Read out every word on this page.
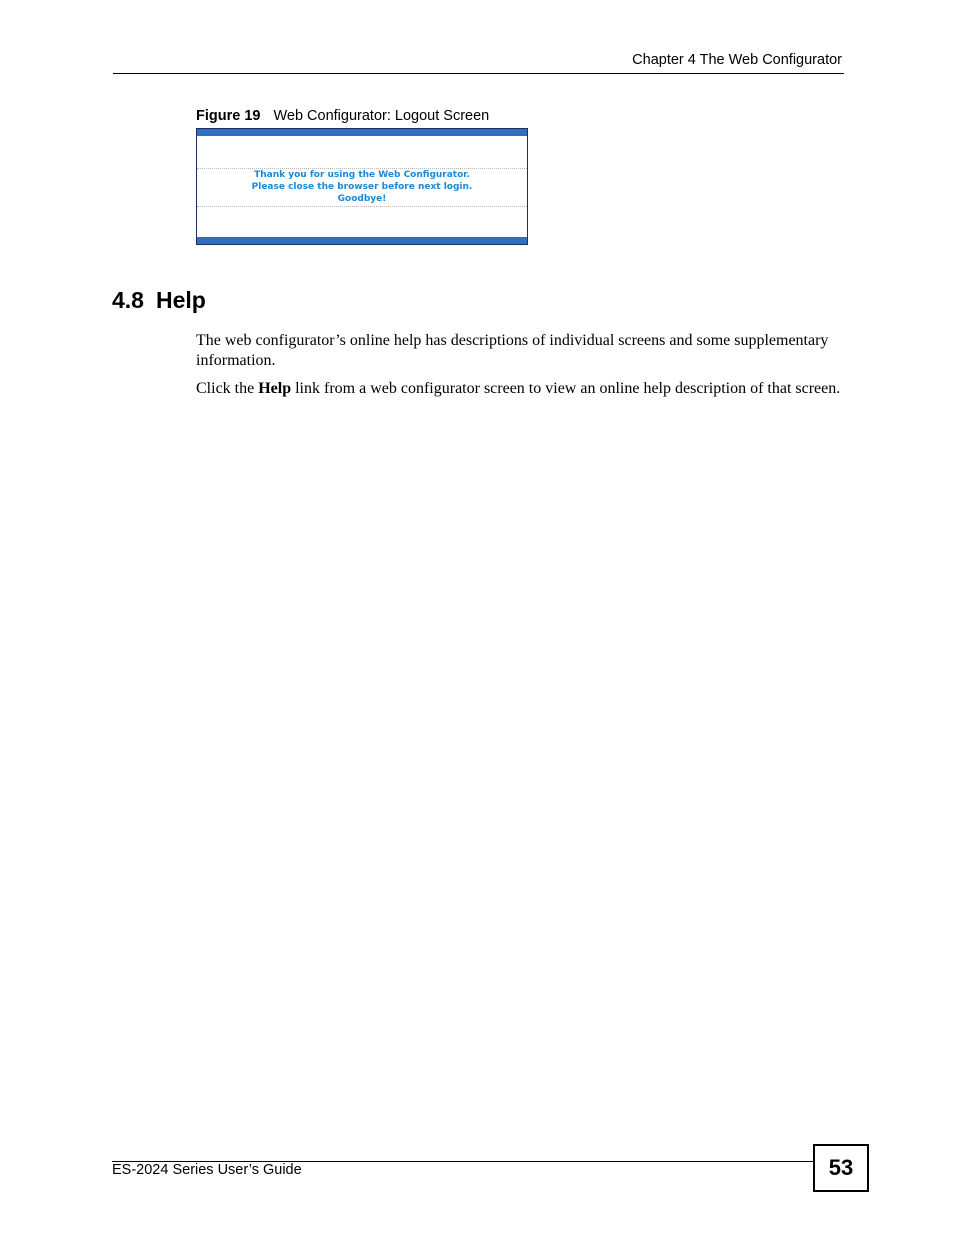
Chapter 4 The Web Configurator
Figure 19 Web Configurator: Logout Screen
Thank you for using the Web Configurator.
Please close the browser before next login.
Goodbye!
4.8 Help

The web configurator’s online help has descriptions of individual screens and some supplementary information.

Click the Help link from a web configurator screen to view an online help description of that screen.

ES-2024 Series User’s Guide	53
